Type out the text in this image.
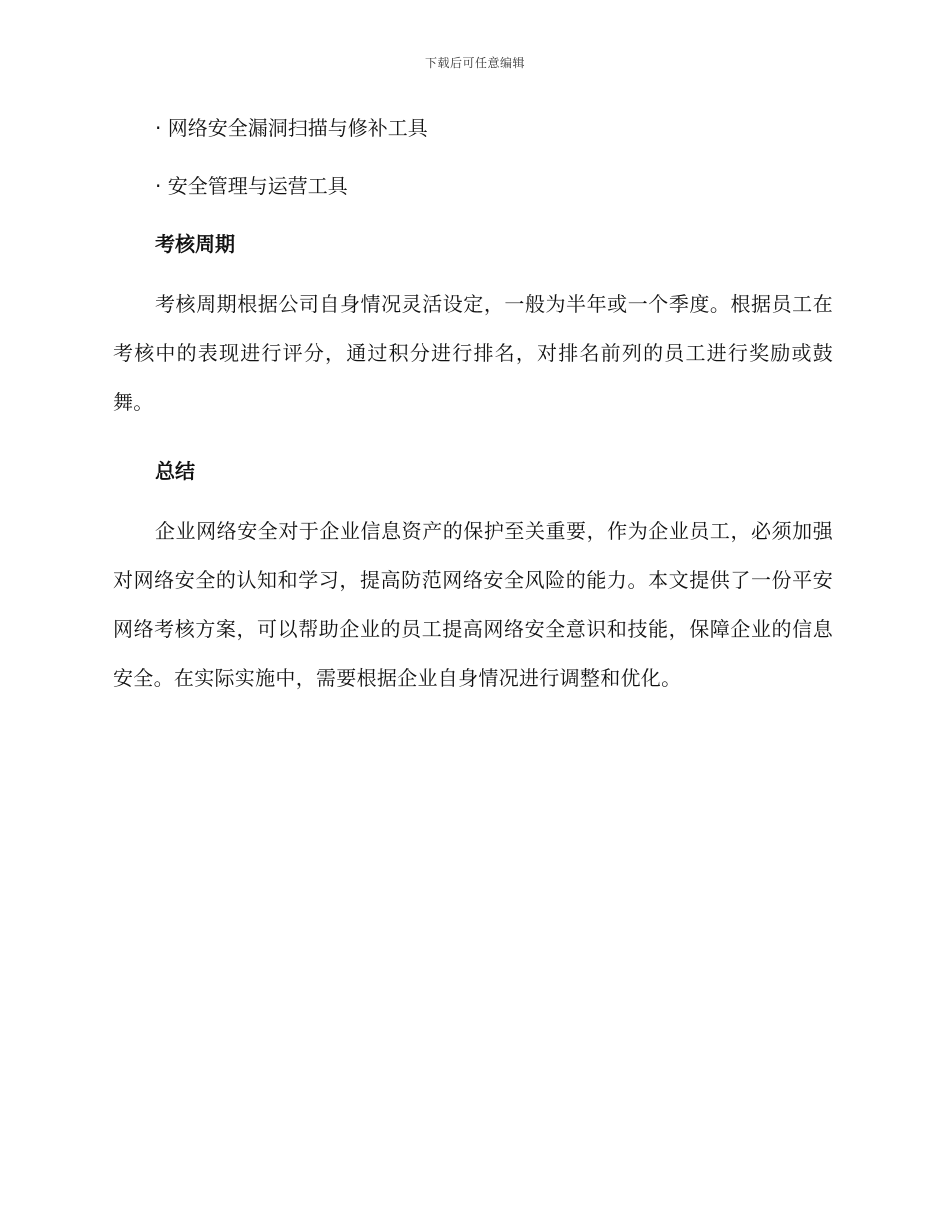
下载后可任意编辑
· 网络安全漏洞扫描与修补工具
· 安全管理与运营工具
考核周期

考核周期根据公司自身情况灵活设定，一般为半年或一个季度。根据员工在考核中的表现进行评分，通过积分进行排名，对排名前列的员工进行奖励或鼓舞。

总结

企业网络安全对于企业信息资产的保护至关重要，作为企业员工，必须加强对网络安全的认知和学习，提高防范网络安全风险的能力。本文提供了一份平安网络考核方案，可以帮助企业的员工提高网络安全意识和技能，保障企业的信息安全。在实际实施中，需要根据企业自身情况进行调整和优化。
